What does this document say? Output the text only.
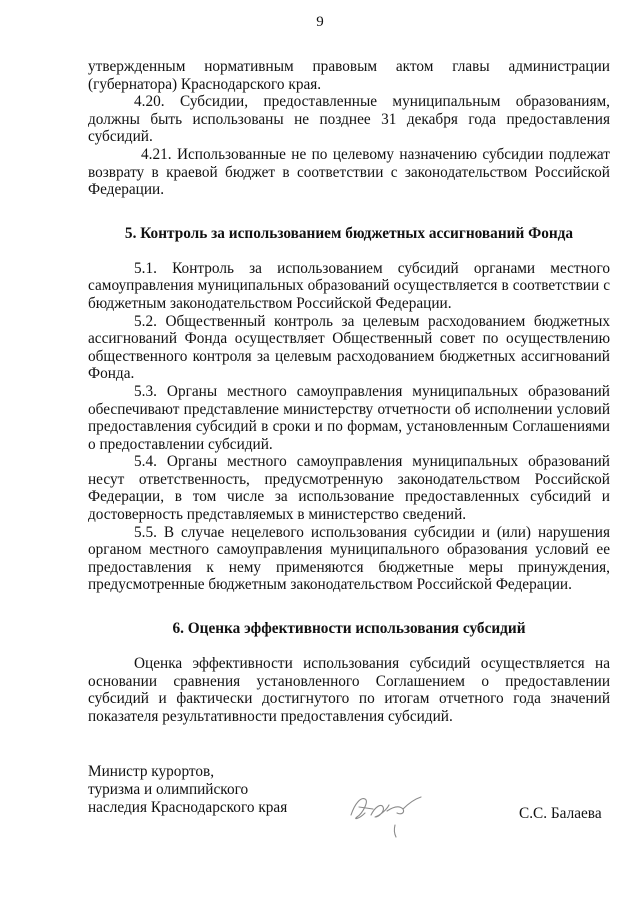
9

утвержденным нормативным правовым актом главы администрации (губернатора) Краснодарского края.

4.20. Субсидии, предоставленные муниципальным образованиям, должны быть использованы не позднее 31 декабря года предоставления субсидий.

4.21. Использованные не по целевому назначению субсидии подлежат возврату в краевой бюджет в соответствии с законодательством Российской Федерации.

5. Контроль за использованием бюджетных ассигнований Фонда

5.1. Контроль за использованием субсидий органами местного самоуправления муниципальных образований осуществляется в соответствии с бюджетным законодательством Российской Федерации.

5.2. Общественный контроль за целевым расходованием бюджетных ассигнований Фонда осуществляет Общественный совет по осуществлению общественного контроля за целевым расходованием бюджетных ассигнований Фонда.

5.3. Органы местного самоуправления муниципальных образований обеспечивают представление министерству отчетности об исполнении условий предоставления субсидий в сроки и по формам, установленным Соглашениями о предоставлении субсидий.

5.4. Органы местного самоуправления муниципальных образований несут ответственность, предусмотренную законодательством Российской Федерации, в том числе за использование предоставленных субсидий и достоверность представляемых в министерство сведений.

5.5. В случае нецелевого использования субсидии и (или) нарушения органом местного самоуправления муниципального образования условий ее предоставления к нему применяются бюджетные меры принуждения, предусмотренные бюджетным законодательством Российской Федерации.

6. Оценка эффективности использования субсидий

Оценка эффективности использования субсидий осуществляется на основании сравнения установленного Соглашением о предоставлении субсидий и фактически достигнутого по итогам отчетного года значений показателя результативности предоставления субсидий.

Министр курортов,
туризма и олимпийского
наследия Краснодарского края	С.С. Балаева
